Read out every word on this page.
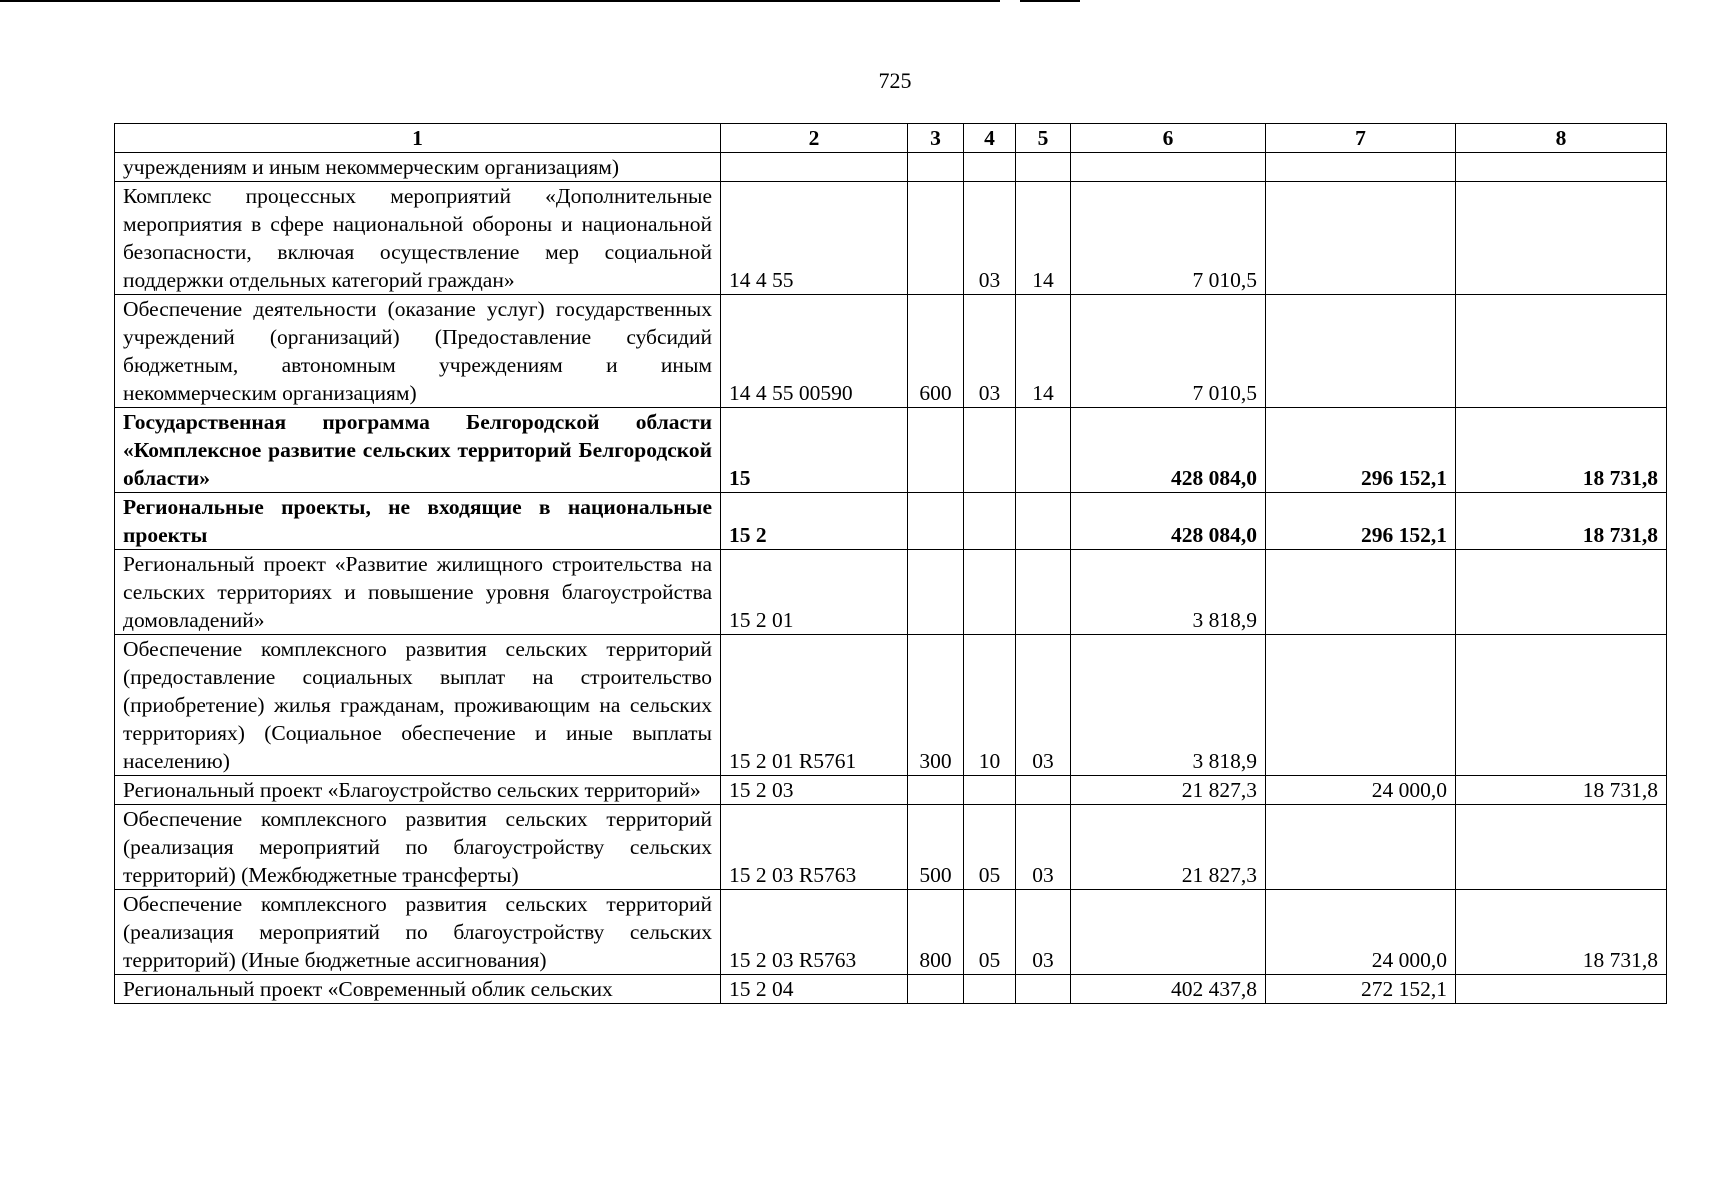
725
1	2	3	4	5	6	7	8
учреждениям и иным некоммерческим организациям)							
Комплекс процессных мероприятий «Дополнительные мероприятия в сфере национальной обороны и национальной безопасности, включая осуществление мер социальной поддержки отдельных категорий граждан»	14 4 55		03	14	7 010,5		
Обеспечение деятельности (оказание услуг) государственных учреждений (организаций) (Предоставление субсидий бюджетным, автономным учреждениям и иным некоммерческим организациям)	14 4 55 00590	600	03	14	7 010,5		
Государственная программа Белгородской области «Комплексное развитие сельских территорий Белгородской области»	15				428 084,0	296 152,1	18 731,8
Региональные проекты, не входящие в национальные проекты	15 2				428 084,0	296 152,1	18 731,8
Региональный проект «Развитие жилищного строительства на сельских территориях и повышение уровня благоустройства домовладений»	15 2 01				3 818,9		
Обеспечение комплексного развития сельских территорий (предоставление социальных выплат на строительство (приобретение) жилья гражданам, проживающим на сельских территориях) (Социальное обеспечение и иные выплаты населению)	15 2 01 R5761	300	10	03	3 818,9		
Региональный проект «Благоустройство сельских территорий»	15 2 03				21 827,3	24 000,0	18 731,8
Обеспечение комплексного развития сельских территорий (реализация мероприятий по благоустройству сельских территорий) (Межбюджетные трансферты)	15 2 03 R5763	500	05	03	21 827,3		
Обеспечение комплексного развития сельских территорий (реализация мероприятий по благоустройству сельских территорий) (Иные бюджетные ассигнования)	15 2 03 R5763	800	05	03		24 000,0	18 731,8
Региональный проект «Современный облик сельских	15 2 04				402 437,8	272 152,1	
